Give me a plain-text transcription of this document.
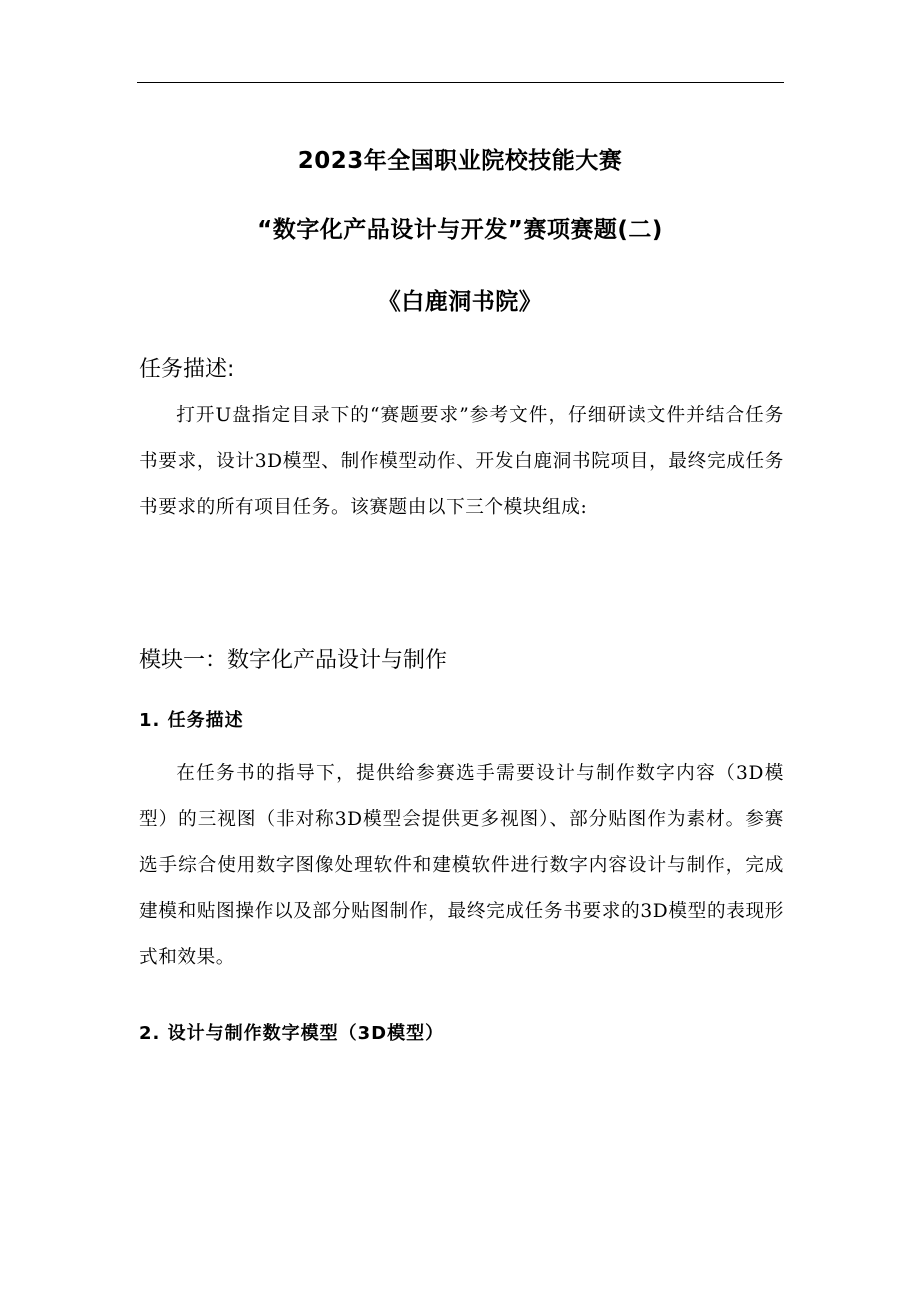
2023年全国职业院校技能大赛
“数字化产品设计与开发”赛项赛题(二)
《白鹿洞书院》
任务描述:
打开U盘指定目录下的“赛题要求”参考文件，仔细研读文件并结合任务书要求，设计3D模型、制作模型动作、开发白鹿洞书院项目，最终完成任务书要求的所有项目任务。该赛题由以下三个模块组成:
模块一：数字化产品设计与制作
1. 任务描述
在任务书的指导下，提供给参赛选手需要设计与制作数字内容（3D模型）的三视图（非对称3D模型会提供更多视图）、部分贴图作为素材。参赛选手综合使用数字图像处理软件和建模软件进行数字内容设计与制作，完成建模和贴图操作以及部分贴图制作，最终完成任务书要求的3D模型的表现形式和效果。
2. 设计与制作数字模型（3D模型）
